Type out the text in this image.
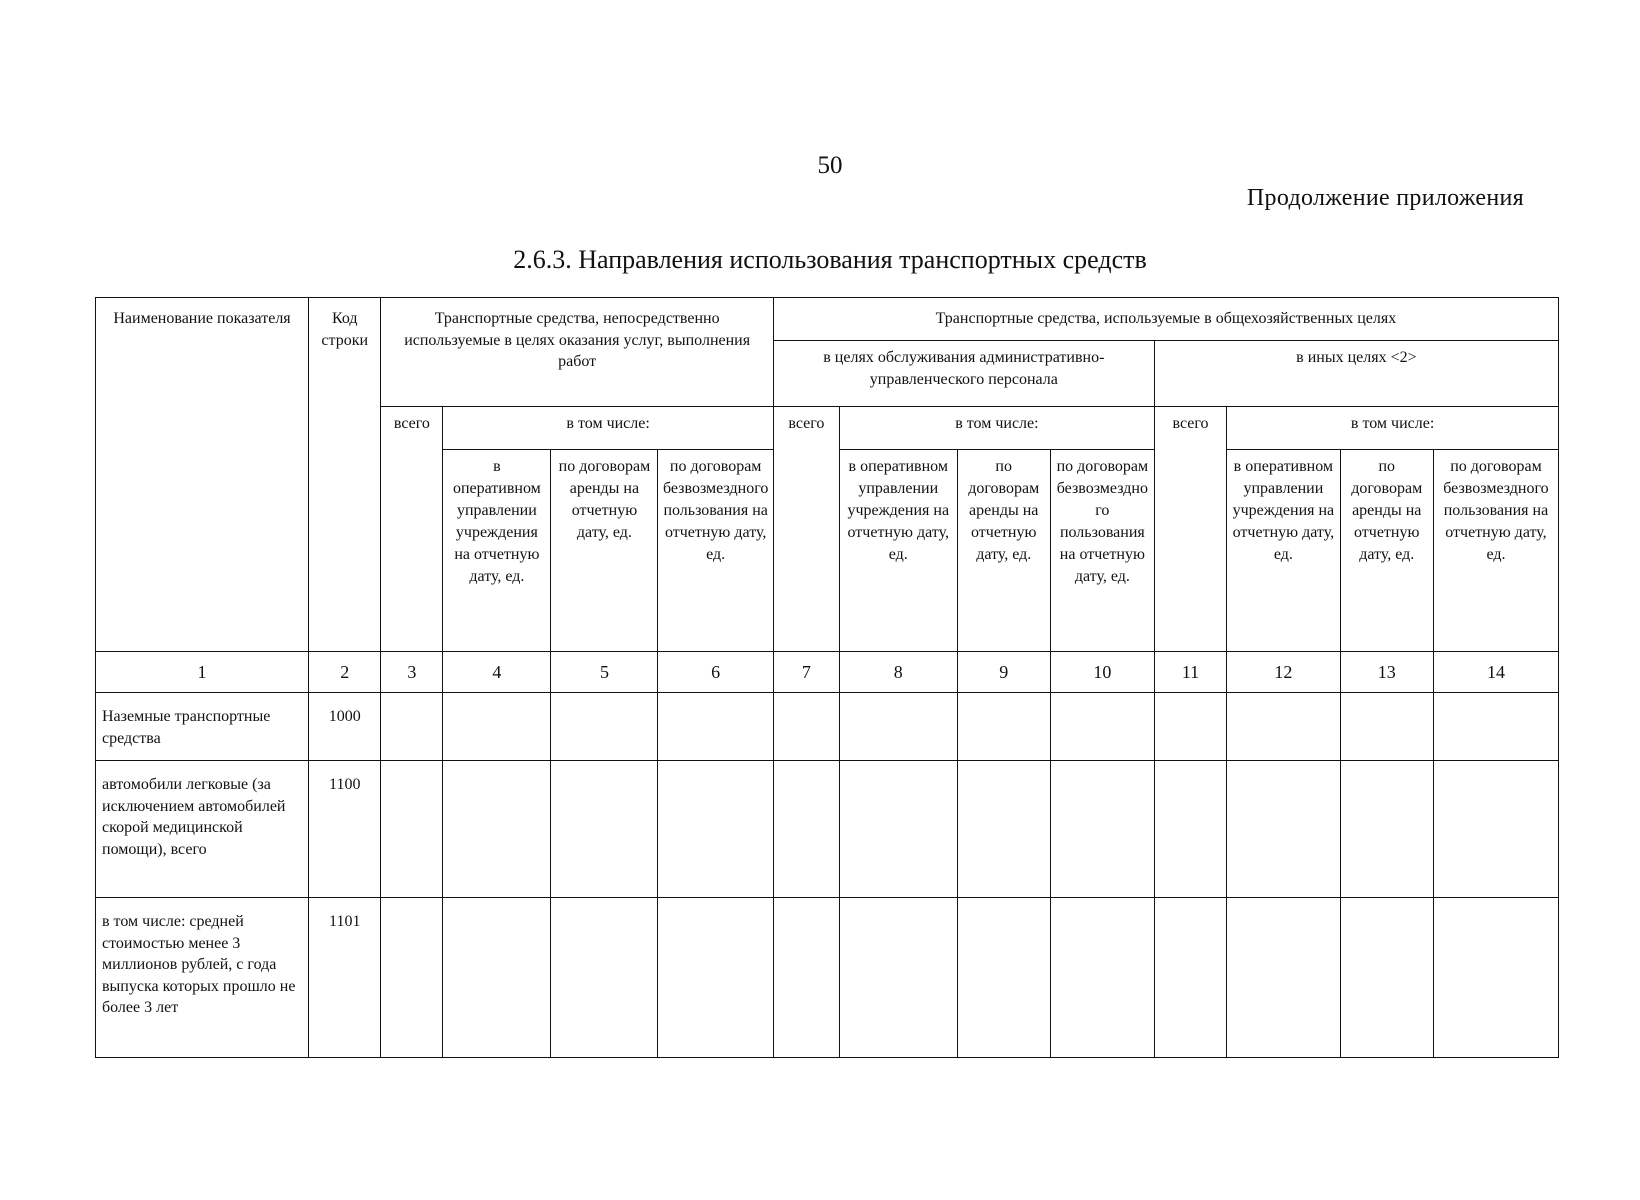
50
Продолжение приложения
2.6.3. Направления использования транспортных средств
Наименование показателя	Код строки	Транспортные средства, непосредственно используемые в целях оказания услуг, выполнения работ				Транспортные средства, используемые в общехозяйственных целях							
						в целях обслуживания административно-управленческого персонала				в иных целях <2>			
		всего	в том числе:			всего	в том числе:			всего	в том числе:		
			в оперативном управлении учреждения на отчетную дату, ед.	по договорам аренды на отчетную дату, ед.	по договорам безвозмездного пользования на отчетную дату, ед.		в оперативном управлении учреждения на отчетную дату, ед.	по договорам аренды на отчетную дату, ед.	по договорам безвозмездного пользования на отчетную дату, ед.		в оперативном управлении учреждения на отчетную дату, ед.	по договорам аренды на отчетную дату, ед.	по договорам безвозмездного пользования на отчетную дату, ед.
1	2	3	4	5	6	7	8	9	10	11	12	13	14
Наземные транспортные средства	1000												
автомобили легковые (за исключением автомобилей скорой медицинской помощи), всего	1100												
в том числе: средней стоимостью менее 3 миллионов рублей, с года выпуска которых прошло не более 3 лет	1101												
